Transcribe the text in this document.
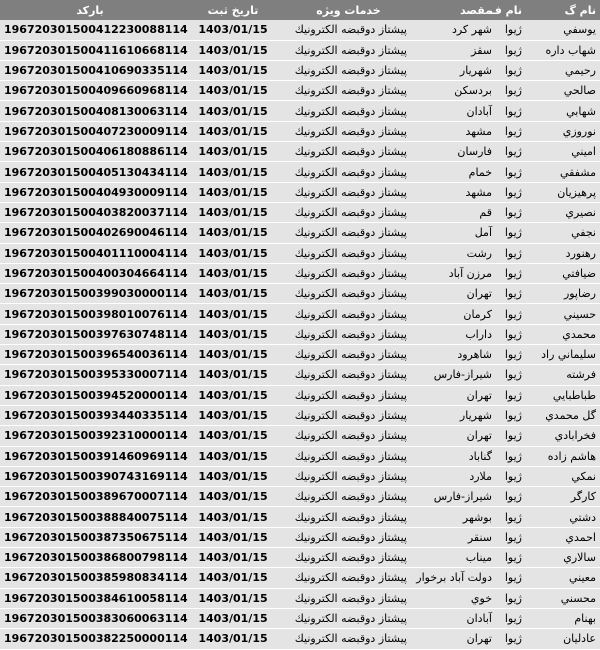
نام گ
نام ف
مقصد
خدمات ويژه
تاريخ ثبت
باركد
يوسفي
ژيوا
شهر كرد
پيشتاز دوقبضه الكترونيك
1403/01/15
196720301500412230088114
شهاب داره
ژيوا
سقز
پيشتاز دوقبضه الكترونيك
1403/01/15
196720301500411610668114
رحيمي
ژيوا
شهريار
پيشتاز دوقبضه الكترونيك
1403/01/15
196720301500410690335114
صالحي
ژيوا
بردسكن
پيشتاز دوقبضه الكترونيك
1403/01/15
196720301500409660968114
شهابي
ژيوا
آبادان
پيشتاز دوقبضه الكترونيك
1403/01/15
196720301500408130063114
نوروزي
ژيوا
مشهد
پيشتاز دوقبضه الكترونيك
1403/01/15
196720301500407230009114
اميني
ژيوا
فارسان
پيشتاز دوقبضه الكترونيك
1403/01/15
196720301500406180886114
مشفقي
ژيوا
خمام
پيشتاز دوقبضه الكترونيك
1403/01/15
196720301500405130434114
پرهيزيان
ژيوا
مشهد
پيشتاز دوقبضه الكترونيك
1403/01/15
196720301500404930009114
نصيري
ژيوا
قم
پيشتاز دوقبضه الكترونيك
1403/01/15
196720301500403820037114
نجفي
ژيوا
آمل
پيشتاز دوقبضه الكترونيك
1403/01/15
196720301500402690046114
رهنورد
ژيوا
رشت
پيشتاز دوقبضه الكترونيك
1403/01/15
196720301500401110004114
ضيافتي
ژيوا
مرزن آباد
پيشتاز دوقبضه الكترونيك
1403/01/15
196720301500400304664114
رضاپور
ژيوا
تهران
پيشتاز دوقبضه الكترونيك
1403/01/15
196720301500399030000114
حسيني
ژيوا
كرمان
پيشتاز دوقبضه الكترونيك
1403/01/15
196720301500398010076114
محمدي
ژيوا
داراب
پيشتاز دوقبضه الكترونيك
1403/01/15
196720301500397630748114
سليماني راد
ژيوا
شاهرود
پيشتاز دوقبضه الكترونيك
1403/01/15
196720301500396540036114
فرشته
ژيوا
شيراز-فارس
پيشتاز دوقبضه الكترونيك
1403/01/15
196720301500395330007114
طباطبايي
ژيوا
تهران
پيشتاز دوقبضه الكترونيك
1403/01/15
196720301500394520000114
گل محمدي
ژيوا
شهريار
پيشتاز دوقبضه الكترونيك
1403/01/15
196720301500393440335114
فخرابادي
ژيوا
تهران
پيشتاز دوقبضه الكترونيك
1403/01/15
196720301500392310000114
هاشم زاده
ژيوا
گناباد
پيشتاز دوقبضه الكترونيك
1403/01/15
196720301500391460969114
نمكي
ژيوا
ملارد
پيشتاز دوقبضه الكترونيك
1403/01/15
196720301500390743169114
كارگر
ژيوا
شيراز-فارس
پيشتاز دوقبضه الكترونيك
1403/01/15
196720301500389670007114
دشتي
ژيوا
بوشهر
پيشتاز دوقبضه الكترونيك
1403/01/15
196720301500388840075114
احمدي
ژيوا
سنقر
پيشتاز دوقبضه الكترونيك
1403/01/15
196720301500387350675114
سالاري
ژيوا
ميناب
پيشتاز دوقبضه الكترونيك
1403/01/15
196720301500386800798114
معيني
ژيوا
دولت آباد برخوار
پيشتاز دوقبضه الكترونيك
1403/01/15
196720301500385980834114
محسني
ژيوا
خوي
پيشتاز دوقبضه الكترونيك
1403/01/15
196720301500384610058114
بهنام
ژيوا
آبادان
پيشتاز دوقبضه الكترونيك
1403/01/15
196720301500383060063114
عادليان
ژيوا
تهران
پيشتاز دوقبضه الكترونيك
1403/01/15
196720301500382250000114
